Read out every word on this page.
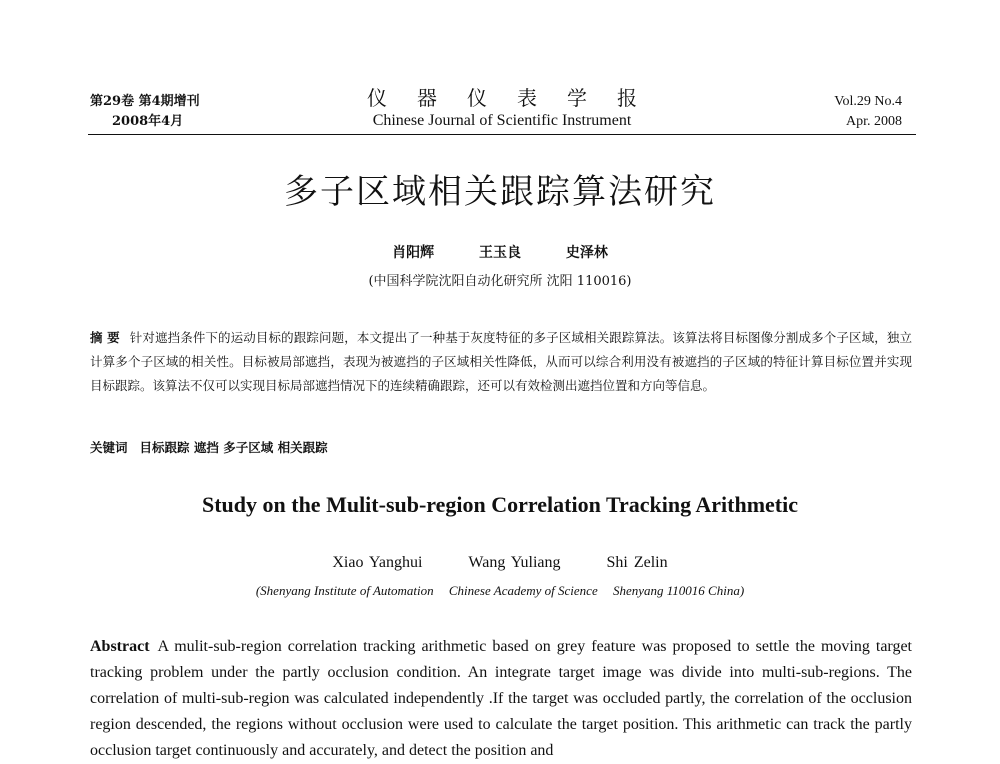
第29卷 第4期增刊
2008年4月
仪器仪表学报
Chinese Journal of Scientific Instrument
Vol.29 No.4
Apr. 2008
多子区域相关跟踪算法研究
肖阳辉	王玉良	史泽林
(中国科学院沈阳自动化研究所 沈阳 110016)
摘 要 针对遮挡条件下的运动目标的跟踪问题，本文提出了一种基于灰度特征的多子区域相关跟踪算法。该算法将目标图像分割成多个子区域，独立计算多个子区域的相关性。目标被局部遮挡，表现为被遮挡的子区域相关性降低，从而可以综合利用没有被遮挡的子区域的特征计算目标位置并实现目标跟踪。该算法不仅可以实现目标局部遮挡情况下的连续精确跟踪，还可以有效检测出遮挡位置和方向等信息。
关键词 目标跟踪 遮挡 多子区域 相关跟踪
Study on the Mulit-sub-region Correlation Tracking Arithmetic
Xiao Yanghui	Wang Yuliang	Shi Zelin
(Shenyang Institute of Automation Chinese Academy of Science Shenyang 110016 China)
Abstract A mulit-sub-region correlation tracking arithmetic based on grey feature was proposed to settle the moving target tracking problem under the partly occlusion condition. An integrate target image was divide into multi-sub-regions. The correlation of multi-sub-region was calculated independently .If the target was occluded partly, the correlation of the occlusion region descended, the regions without occlusion were used to calculate the target position. This arithmetic can track the partly occlusion target continuously and accurately, and detect the position and
